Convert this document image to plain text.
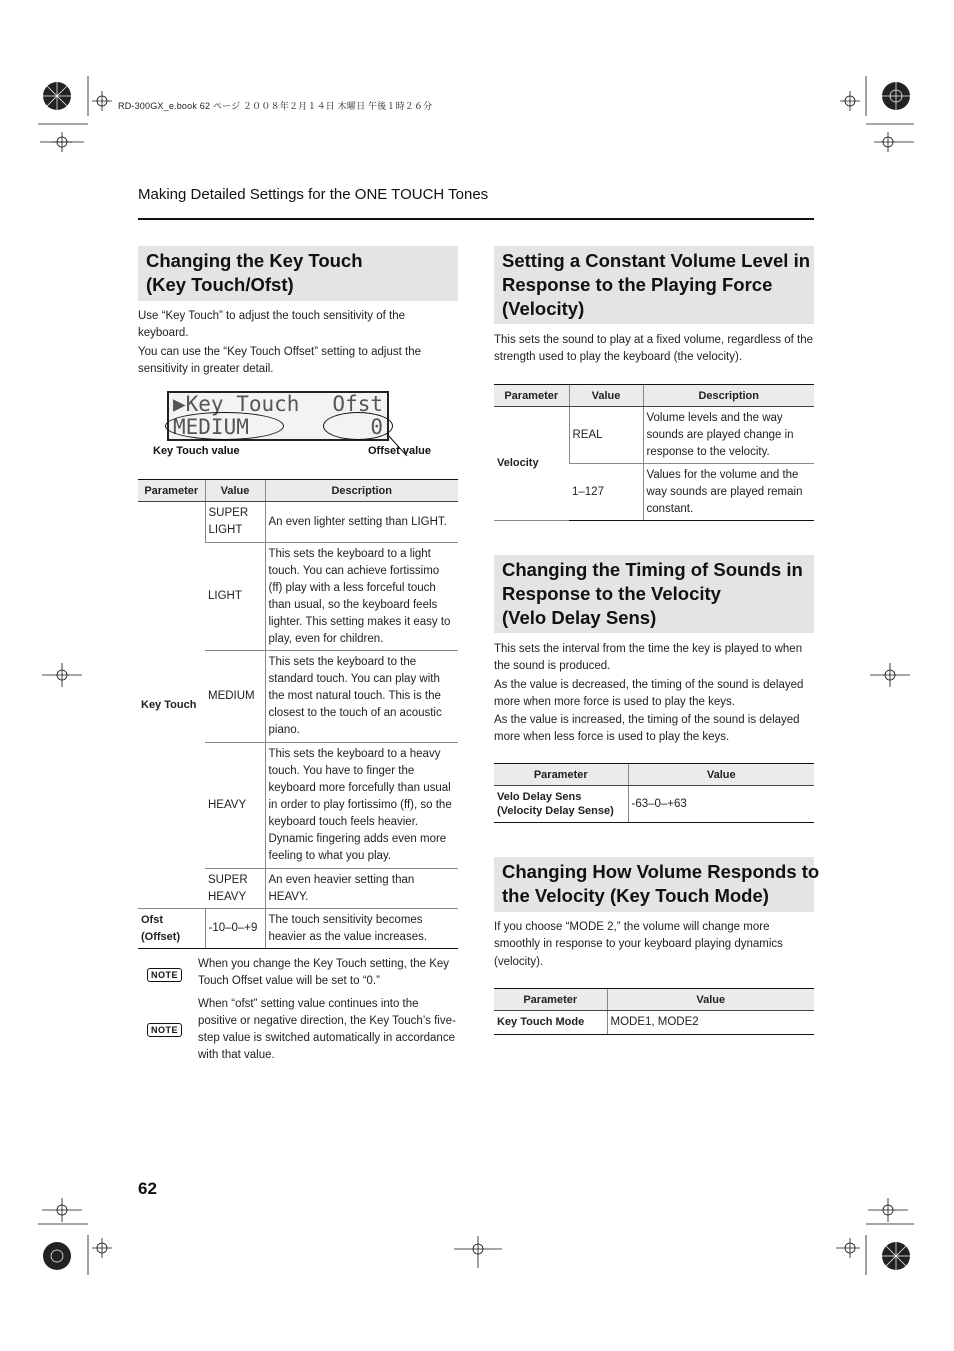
RD-300GX_e.book 62 ページ ２００８年２月１４日 木曜日 午後１時２６分
Making Detailed Settings for the ONE TOUCH Tones
Changing the Key Touch
(Key Touch/Ofst)

Use “Key Touch” to adjust the touch sensitivity of the keyboard.

You can use the “Key Touch Offset” setting to adjust the sensitivity in greater detail.

▶Key Touch Ofst
MEDIUM	0
Key Touch value	Offset value
Parameter	Value	Description
Key Touch	SUPER LIGHT	An even lighter setting than LIGHT.
	LIGHT	This sets the keyboard to a light touch. You can achieve fortissimo (ff) play with a less forceful touch than usual, so the keyboard feels lighter. This setting makes it easy to play, even for children.
	MEDIUM	This sets the keyboard to the standard touch. You can play with the most natural touch. This is the closest to the touch of an acoustic piano.
	HEAVY	This sets the keyboard to a heavy touch. You have to finger the keyboard more forcefully than usual in order to play fortissimo (ff), so the keyboard touch feels heavier. Dynamic fingering adds even more feeling to what you play.
	SUPER HEAVY	An even heavier setting than HEAVY.
Ofst (Offset)	-10–0–+9	The touch sensitivity becomes heavier as the value increases.
NOTE
When you change the Key Touch setting, the Key Touch Offset value will be set to “0.”
NOTE
When “ofst” setting value continues into the positive or negative direction, the Key Touch’s five-step value is switched automatically in accordance with that value.
62
Setting a Constant Volume Level in
Response to the Playing Force
(Velocity)

This sets the sound to play at a fixed volume, regardless of the strength used to play the keyboard (the velocity).

Parameter	Value	Description
Velocity	REAL	Volume levels and the way sounds are played change in response to the velocity.
	1–127	Values for the volume and the way sounds are played remain constant.
Changing the Timing of Sounds in
Response to the Velocity
(Velo Delay Sens)

This sets the interval from the time the key is played to when the sound is produced.

As the value is decreased, the timing of the sound is delayed more when more force is used to play the keys.

As the value is increased, the timing of the sound is delayed more when less force is used to play the keys.

Parameter	Value

Velo Delay Sens
(Velocity Delay Sense)	-63–0–+63
Changing How Volume Responds to
the Velocity (Key Touch Mode)

If you choose “MODE 2,” the volume will change more smoothly in response to your keyboard playing dynamics (velocity).

Parameter	Value
Key Touch Mode	MODE1, MODE2
